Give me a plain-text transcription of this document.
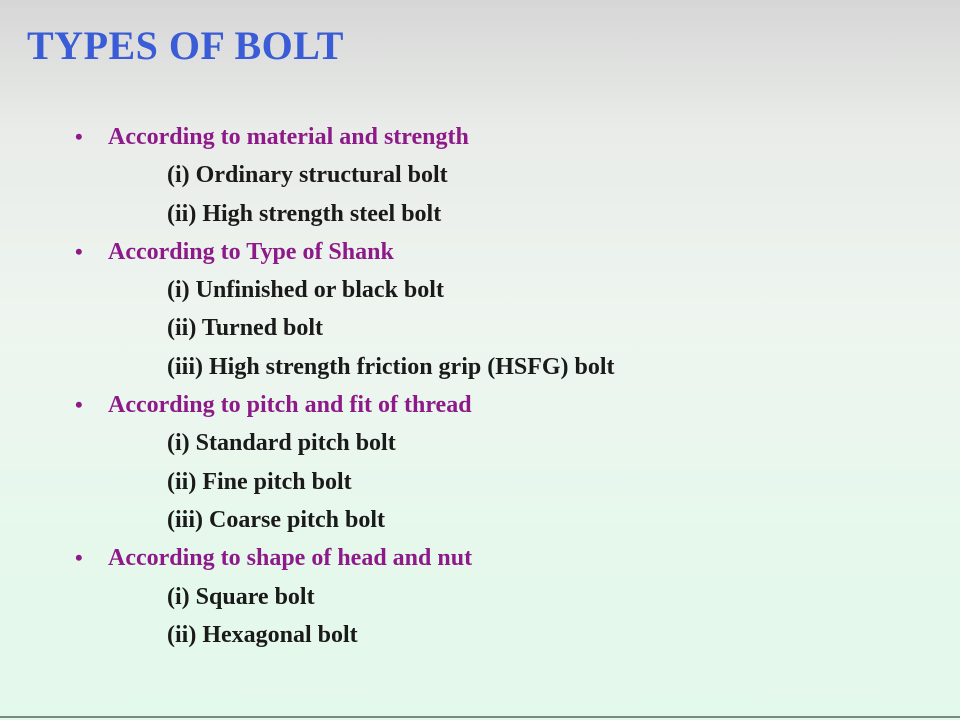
TYPES OF BOLT
• According to material and strength
(i) Ordinary structural bolt
(ii) High strength steel bolt
• According to Type of Shank
(i) Unfinished or black bolt
(ii) Turned bolt
(iii) High strength friction grip (HSFG) bolt
• According to pitch and fit of thread
(i) Standard pitch bolt
(ii) Fine pitch bolt
(iii) Coarse pitch bolt
• According to shape of head and nut
(i) Square bolt
(ii) Hexagonal bolt
